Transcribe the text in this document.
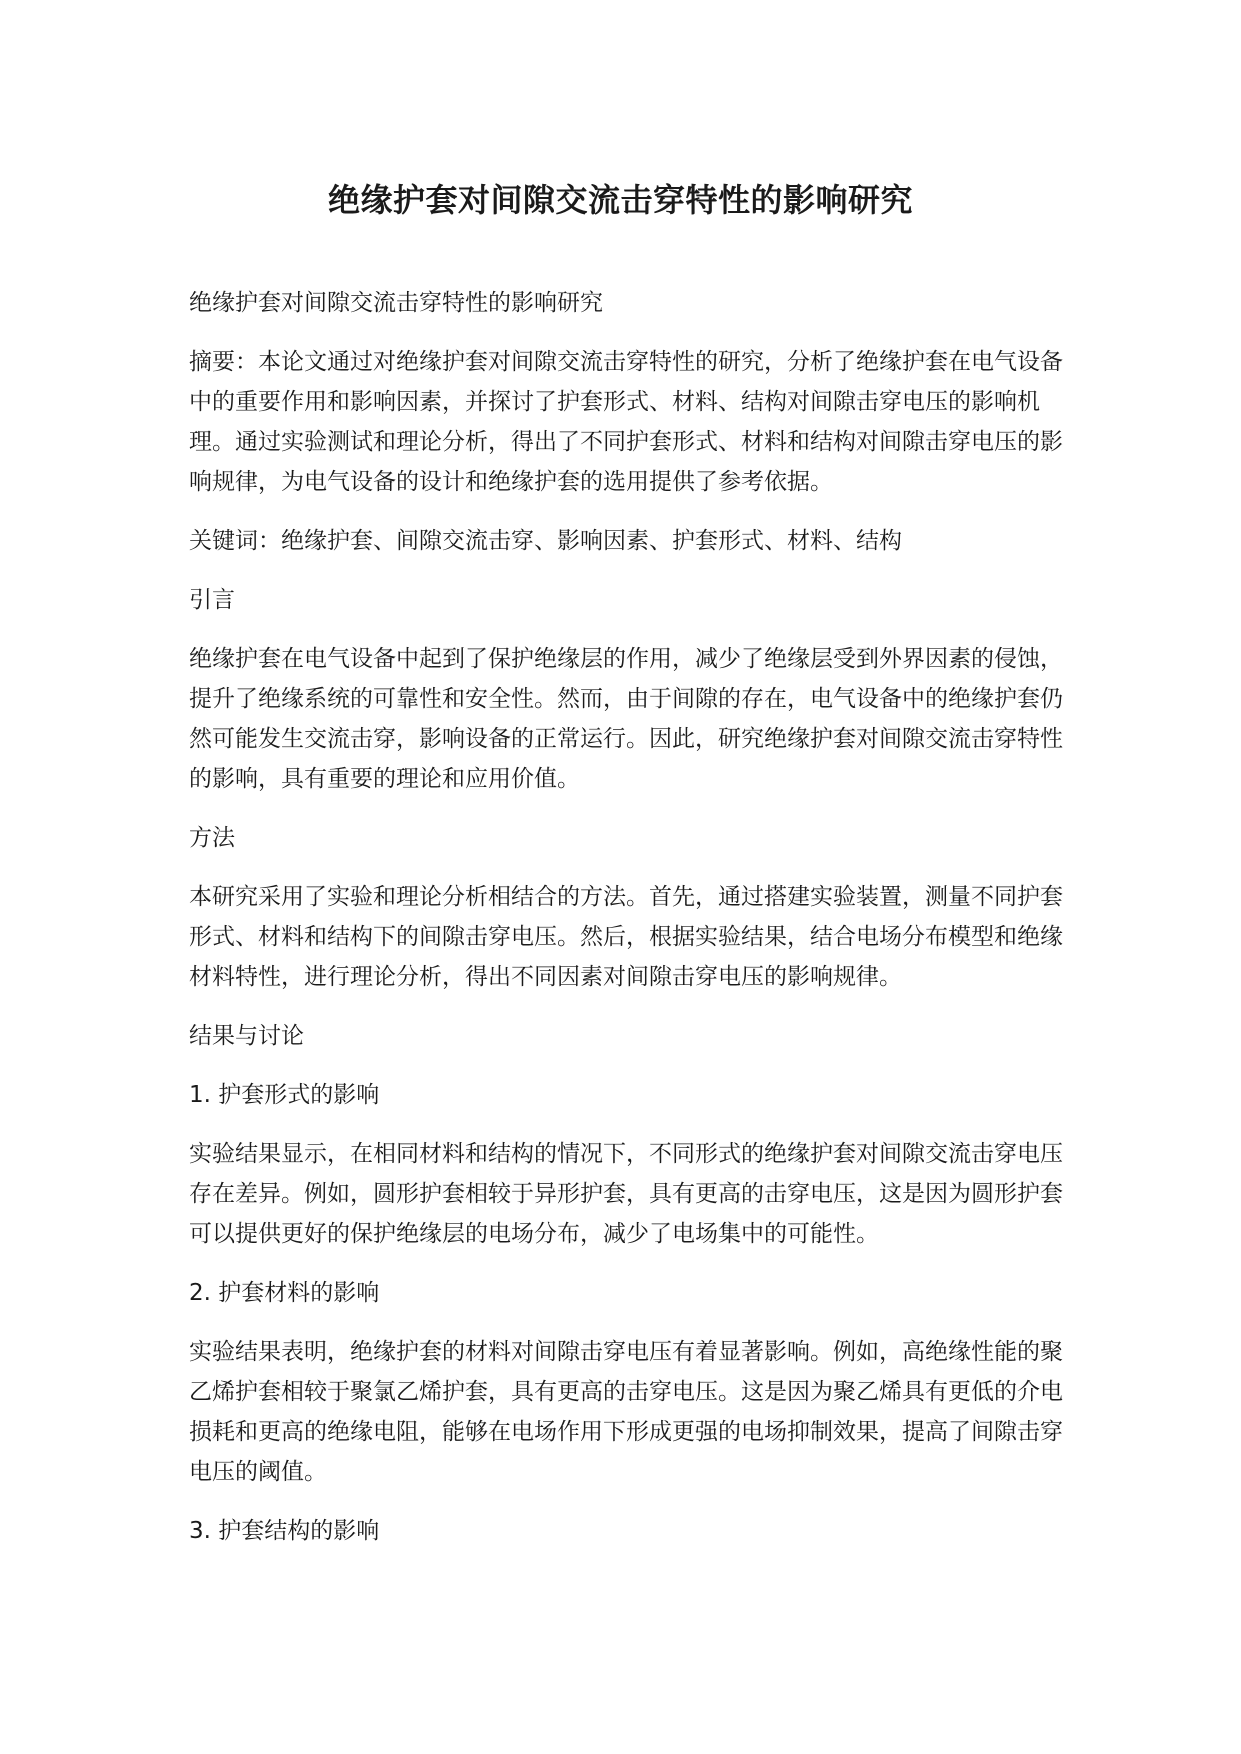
绝缘护套对间隙交流击穿特性的影响研究

绝缘护套对间隙交流击穿特性的影响研究

摘要：本论文通过对绝缘护套对间隙交流击穿特性的研究，分析了绝缘护套在电气设备中的重要作用和影响因素，并探讨了护套形式、材料、结构对间隙击穿电压的影响机理。通过实验测试和理论分析，得出了不同护套形式、材料和结构对间隙击穿电压的影响规律，为电气设备的设计和绝缘护套的选用提供了参考依据。

关键词：绝缘护套、间隙交流击穿、影响因素、护套形式、材料、结构

引言

绝缘护套在电气设备中起到了保护绝缘层的作用，减少了绝缘层受到外界因素的侵蚀，提升了绝缘系统的可靠性和安全性。然而，由于间隙的存在，电气设备中的绝缘护套仍然可能发生交流击穿，影响设备的正常运行。因此，研究绝缘护套对间隙交流击穿特性的影响，具有重要的理论和应用价值。

方法

本研究采用了实验和理论分析相结合的方法。首先，通过搭建实验装置，测量不同护套形式、材料和结构下的间隙击穿电压。然后，根据实验结果，结合电场分布模型和绝缘材料特性，进行理论分析，得出不同因素对间隙击穿电压的影响规律。

结果与讨论

1. 护套形式的影响

实验结果显示，在相同材料和结构的情况下，不同形式的绝缘护套对间隙交流击穿电压存在差异。例如，圆形护套相较于异形护套，具有更高的击穿电压，这是因为圆形护套可以提供更好的保护绝缘层的电场分布，减少了电场集中的可能性。

2. 护套材料的影响

实验结果表明，绝缘护套的材料对间隙击穿电压有着显著影响。例如，高绝缘性能的聚乙烯护套相较于聚氯乙烯护套，具有更高的击穿电压。这是因为聚乙烯具有更低的介电损耗和更高的绝缘电阻，能够在电场作用下形成更强的电场抑制效果，提高了间隙击穿电压的阈值。

3. 护套结构的影响
